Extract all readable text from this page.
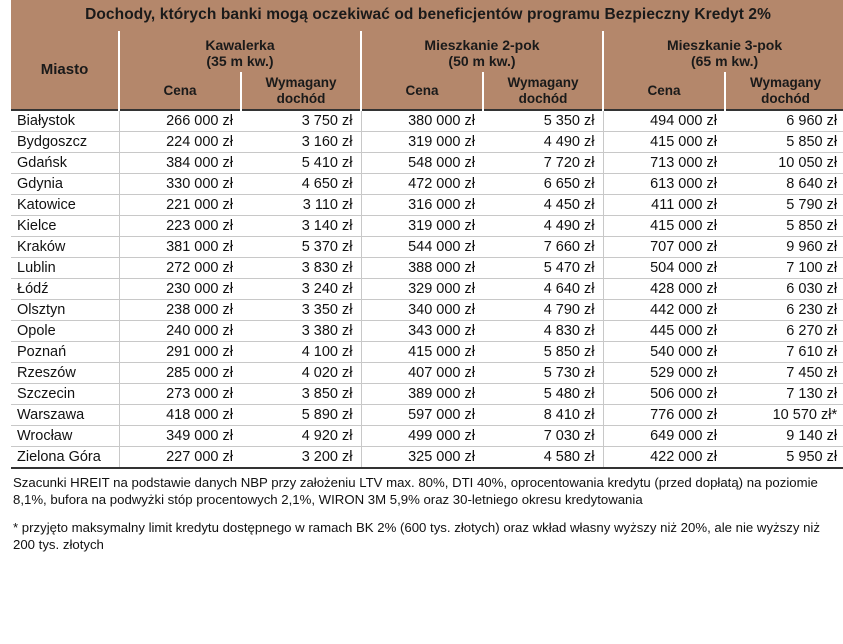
Dochody, których banki mogą oczekiwać od beneficjentów programu Bezpieczny Kredyt 2%						
Miasto	
Kawalerka
(35 m kw.)

Mieszkanie 2-pok
(50 m kw.)

Mieszkanie 3-pok
(65 m kw.)

Cena	
Wymagany
dochód
	Cena	
Wymagany
dochód
	Cena	
Wymagany
dochód

Białystok	266 000 zł	3 750 zł	380 000 zł	5 350 zł	494 000 zł	6 960 zł
Bydgoszcz	224 000 zł	3 160 zł	319 000 zł	4 490 zł	415 000 zł	5 850 zł
Gdańsk	384 000 zł	5 410 zł	548 000 zł	7 720 zł	713 000 zł	10 050 zł
Gdynia	330 000 zł	4 650 zł	472 000 zł	6 650 zł	613 000 zł	8 640 zł
Katowice	221 000 zł	3 110 zł	316 000 zł	4 450 zł	411 000 zł	5 790 zł
Kielce	223 000 zł	3 140 zł	319 000 zł	4 490 zł	415 000 zł	5 850 zł
Kraków	381 000 zł	5 370 zł	544 000 zł	7 660 zł	707 000 zł	9 960 zł
Lublin	272 000 zł	3 830 zł	388 000 zł	5 470 zł	504 000 zł	7 100 zł
Łódź	230 000 zł	3 240 zł	329 000 zł	4 640 zł	428 000 zł	6 030 zł
Olsztyn	238 000 zł	3 350 zł	340 000 zł	4 790 zł	442 000 zł	6 230 zł
Opole	240 000 zł	3 380 zł	343 000 zł	4 830 zł	445 000 zł	6 270 zł
Poznań	291 000 zł	4 100 zł	415 000 zł	5 850 zł	540 000 zł	7 610 zł
Rzeszów	285 000 zł	4 020 zł	407 000 zł	5 730 zł	529 000 zł	7 450 zł
Szczecin	273 000 zł	3 850 zł	389 000 zł	5 480 zł	506 000 zł	7 130 zł
Warszawa	418 000 zł	5 890 zł	597 000 zł	8 410 zł	776 000 zł	10 570 zł*
Wrocław	349 000 zł	4 920 zł	499 000 zł	7 030 zł	649 000 zł	9 140 zł
Zielona Góra	227 000 zł	3 200 zł	325 000 zł	4 580 zł	422 000 zł	5 950 zł

Szacunki HREIT na podstawie danych NBP przy założeniu LTV max. 80%, DTI 40%, oprocentowania kredytu (przed dopłatą) na poziomie 8,1%, bufora na podwyżki stóp procentowych 2,1%, WIRON 3M 5,9% oraz 30-letniego okresu kredytowania

* przyjęto maksymalny limit kredytu dostępnego w ramach BK 2% (600 tys. złotych) oraz wkład własny wyższy niż 20%, ale nie wyższy niż 200 tys. złotych
